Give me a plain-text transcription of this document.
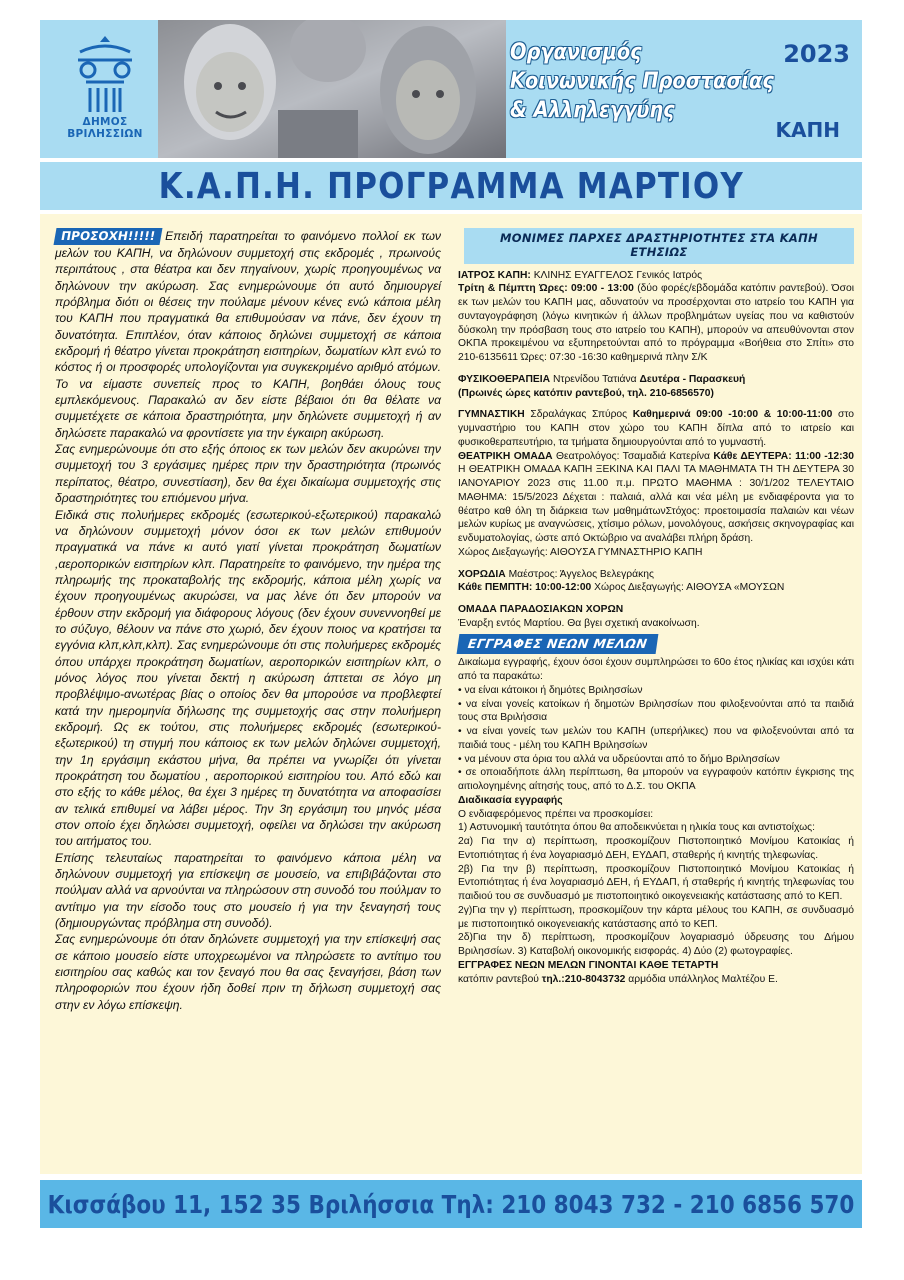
ΔΗΜΟΣ
ΒΡΙΛΗΣΣΙΩΝ
Οργανισμός
Κοινωνικής Προστασίας
& Αλληλεγγύης
2023
ΚΑΠΗ
Κ.Α.Π.Η. ΠΡΟΓΡΑΜΜΑ ΜΑΡΤΙΟΥ

ΠΡΟΣΟΧΗ!!!!! Επειδή παρατηρείται το φαινόμενο πολλοί εκ των μελών του ΚΑΠΗ, να δηλώνουν συμμετοχή στις εκδρομές , πρωινούς περιπάτους , στα θέατρα και δεν πηγαίνουν, χωρίς προηγουμένως να δηλώνουν την ακύρωση. Σας ενημερώνουμε ότι αυτό δημιουργεί πρόβλημα διότι οι θέσεις την πούλαμε μένουν κένες ενώ κάποια μέλη του ΚΑΠΗ που πραγματικά θα επιθυμούσαν να πάνε, δεν έχουν τη δυνατότητα. Επιπλέον, όταν κάποιος δηλώνει συμμετοχή σε κάποια εκδρομή ή θέατρο γίνεται προκράτηση εισιτηρίων, δωματίων κλπ ενώ το κόστος ή οι προσφορές υπολογίζονται για συγκεκριμένο αριθμό ατόμων. Το να είμαστε συνεπείς προς το ΚΑΠΗ, βοηθάει όλους τους εμπλεκόμενους. Παρακαλώ αν δεν είστε βέβαιοι ότι θα θέλατε να συμμετέχετε σε κάποια δραστηριότητα, μην δηλώνετε συμμετοχή ή αν δηλώσετε παρακαλώ να φροντίσετε για την έγκαιρη ακύρωση.

Σας ενημερώνουμε ότι στο εξής όποιος εκ των μελών δεν ακυρώνει την συμμετοχή του 3 εργάσιμες ημέρες πριν την δραστηριότητα (πρωινός περίπατος, θέατρο, συνεστίαση), δεν θα έχει δικαίωμα συμμετοχής στις δραστηριότητες του επιόμενου μήνα.

Ειδικά στις πολυήμερες εκδρομές (εσωτερικού-εξωτερικού) παρακαλώ να δηλώνουν συμμετοχή μόνον όσοι εκ των μελών επιθυμούν πραγματικά να πάνε κι αυτό γιατί γίνεται προκράτηση δωματίων ,αεροπορικών εισιτηρίων κλπ. Παρατηρείτε το φαινόμενο, την ημέρα της πληρωμής της προκαταβολής της εκδρομής, κάποια μέλη χωρίς να έχουν προηγουμένως ακυρώσει, να μας λένε ότι δεν μπορούν να έρθουν στην εκδρομή για διάφορους λόγους (δεν έχουν συνεννοηθεί με το σύζυγο, θέλουν να πάνε στο χωριό, δεν έχουν ποιος να κρατήσει τα εγγόνια κλπ,κλπ,κλπ). Σας ενημερώνουμε ότι στις πολυήμερες εκδρομές όπου υπάρχει προκράτηση δωματίων, αεροπορικών εισιτηρίων κλπ, ο μόνος λόγος που γίνεται δεκτή η ακύρωση άπτεται σε λόγο μη προβλέψιμο-ανωτέρας βίας ο οποίος δεν θα μπορούσε να προβλεφτεί κατά την ημερομηνία δήλωσης της συμμετοχής σας στην πολυήμερη εκδρομή. Ως εκ τούτου, στις πολυήμερες εκδρομές (εσωτερικού-εξωτερικού) τη στιγμή που κάποιος εκ των μελών δηλώνει συμμετοχή, την 1η εργάσιμη εκάστου μήνα, θα πρέπει να γνωρίζει ότι γίνεται προκράτηση του δωματίου , αεροπορικού εισιτηρίου του. Από εδώ και στο εξής το κάθε μέλος, θα έχει 3 ημέρες τη δυνατότητα να αποφασίσει αν τελικά επιθυμεί να λάβει μέρος. Την 3η εργάσιμη του μηνός μέσα στον οποίο έχει δηλώσει συμμετοχή, οφείλει να δηλώσει την ακύρωση του αιτήματος του.

Επίσης τελευταίως παρατηρείται το φαινόμενο κάποια μέλη να δηλώνουν συμμετοχή για επίσκεψη σε μουσείο, να επιβιβάζονται στο πούλμαν αλλά να αρνούνται να πληρώσουν στη συνοδό του πούλμαν το αντίτιμο για την είσοδο τους στο μουσείο ή για την ξεναγησή τους (δημιουργώντας πρόβλημα στη συνοδό).

Σας ενημερώνουμε ότι όταν δηλώνετε συμμετοχή για την επίσκεψή σας σε κάποιο μουσείο είστε υποχρεωμένοι να πληρώσετε το αντίτιμο του εισιτηρίου σας καθώς και τον ξεναγό που θα σας ξεναγήσει, βάση των πληροφοριών που έχουν ήδη δοθεί πριν τη δήλωση συμμετοχή σας στην εν λόγω επίσκεψη.

ΜΟΝΙΜΕΣ ΠΑΡΧΕΣ ΔΡΑΣΤΗΡΙΟΤΗΤΕΣ ΣΤΑ ΚΑΠΗ ΕΤΗΣΙΩΣ

ΙΑΤΡΟΣ ΚΑΠΗ: ΚΛΙΝΗΣ ΕΥΑΓΓΕΛΟΣ Γενικός Ιατρός

Τρίτη & Πέμπτη Ώρες: 09:00 - 13:00 (δύο φορές/εβδομάδα κατόπιν ραντεβού). Όσοι εκ των μελών του ΚΑΠΗ μας, αδυνατούν να προσέρχονται στο ιατρείο του ΚΑΠΗ για συνταγογράφηση (λόγω κινητικών ή άλλων προβλημάτων υγείας που να καθιστούν δύσκολη την πρόσβαση τους στο ιατρείο του ΚΑΠΗ), μπορούν να απευθύνονται στον ΟΚΠΑ προκειμένου να εξυπηρετούνται από το πρόγραμμα «Βοήθεια στο Σπίτι» στο 210-6135611 Ώρες: 07:30 -16:30 καθημερινά πλην Σ/Κ

ΦΥΣΙΚΟΘΕΡΑΠΕΙΑ Ντρενίδου Τατιάνα Δευτέρα - Παρασκευή

(Πρωινές ώρες κατόπιν ραντεβού, τηλ. 210-6856570)

ΓΥΜΝΑΣΤΙΚΗ Σδραλάγκας Σπύρος Καθημερινά 09:00 -10:00 & 10:00-11:00 στο γυμναστήριο του ΚΑΠΗ στον χώρο του ΚΑΠΗ δίπλα από το ιατρείο και φυσικοθεραπευτήριο, τα τμήματα δημιουργούνται από το γυμναστή.

ΘΕΑΤΡΙΚΗ ΟΜΑΔΑ Θεατρολόγος: Τσαμαδιά Κατερίνα Κάθε ΔΕΥΤΕΡΑ: 11:00 -12:30 Η ΘΕΑΤΡΙΚΗ ΟΜΑΔΑ ΚΑΠΗ ΞΕΚΙΝΑ ΚΑΙ ΠΑΛΙ ΤΑ ΜΑΘΗΜΑΤΑ ΤΗ ΤΗ ΔΕΥΤΕΡΑ 30 ΙΑΝΟΥΑΡΙΟΥ 2023 στις 11.00 π.μ. ΠΡΩΤΟ ΜΑΘΗΜΑ : 30/1/202 ΤΕΛΕΥΤΑΙΟ ΜΑΘΗΜΑ: 15/5/2023 Δέχεται : παλαιά, αλλά και νέα μέλη με ενδιαφέροντα για το θέατρο καθ όλη τη διάρκεια των μαθημάτωνΣτόχος: προετοιμασία παλαιών και νέων μελών κυρίως με αναγνώσεις, χτίσιμο ρόλων, μονολόγους, ασκήσεις σκηνογραφίας και ενδυματολογίας, ώστε από Οκτώβριο να αναλάβει πλήρη δράση.

Χώρος Διεξαγωγής: ΑΙΘΟΥΣΑ ΓΥΜΝΑΣΤΗΡΙΟ ΚΑΠΗ

ΧΟΡΩΔΙΑ Μαέστρος: Άγγελος Βελεγράκης

Κάθε ΠΕΜΠΤΗ: 10:00-12:00 Χώρος Διεξαγωγής: ΑΙΘΟΥΣΑ «ΜΟΥΣΩΝ

ΟΜΑΔΑ ΠΑΡΑΔΟΣΙΑΚΩΝ ΧΟΡΩΝ

Έναρξη εντός Μαρτίου. Θα βγει σχετική ανακοίνωση.

ΕΓΓΡΑΦΕΣ ΝΕΩΝ ΜΕΛΩΝ

Δικαίωμα εγγραφής, έχουν όσοι έχουν συμπληρώσει το 60ο έτος ηλικίας και ισχύει κάτι από τα παρακάτω:

• να είναι κάτοικοι ή δημότες Βριλησσίων

• να είναι γονείς κατοίκων ή δημοτών Βριλησσίων που φιλοξενούνται από τα παιδιά τους στα Βριλήσσια

• να είναι γονείς των μελών του ΚΑΠΗ (υπερήλικες) που να φιλοξενούνται από τα παιδιά τους - μέλη του ΚΑΠΗ Βριλησσίων

• να μένουν στα όρια του αλλά να υδρεύονται από το δήμο Βριλησσίων

• σε οποιαδήποτε άλλη περίπτωση, θα μπορούν να εγγραφούν κατόπιν έγκρισης της αιτιολογημένης αίτησής τους, από το Δ.Σ. του ΟΚΠΑ

Διαδικασία εγγραφής

Ο ενδιαφερόμενος πρέπει να προσκομίσει:

1) Αστυνομική ταυτότητα όπου θα αποδεικνύεται η ηλικία τους και αντιστοίχως:

2α) Για την α) περίπτωση, προσκομίζουν Πιστοποιητικό Μονίμου Κατοικίας ή Εντοπιότητας ή ένα λογαριασμό ΔΕΗ, ΕΥΔΑΠ, σταθερής ή κινητής τηλεφωνίας.

2β) Για την β) περίπτωση, προσκομίζουν Πιστοποιητικό Μονίμου Κατοικίας ή Εντοπιότητας ή ένα λογαριασμό ΔΕΗ, ή ΕΥΔΑΠ, ή σταθερής ή κινητής τηλεφωνίας του παιδιού του σε συνδυασμό με πιστοποιητικό οικογενειακής κατάστασης από το ΚΕΠ.

2γ)Για την γ) περίπτωση, προσκομίζουν την κάρτα μέλους του ΚΑΠΗ, σε συνδυασμό με πιστοποιητικό οικογενειακής κατάστασης από το ΚΕΠ.

2δ)Για την δ) περίπτωση, προσκομίζουν λογαριασμό ύδρευσης του Δήμου Βριλησσίων. 3) Καταβολή οικονομικής εισφοράς. 4) Δύο (2) φωτογραφίες.

ΕΓΓΡΑΦΕΣ ΝΕΩΝ ΜΕΛΩΝ ΓΙΝΟΝΤΑΙ ΚΑΘΕ ΤΕΤΑΡΤΗ

κατόπιν ραντεβού τηλ.:210-8043732 αρμόδια υπάλληλος Μαλτέζου Ε.

Κισσάβου 11, 152 35 Βριλήσσια Τηλ: 210 8043 732 - 210 6856 570
